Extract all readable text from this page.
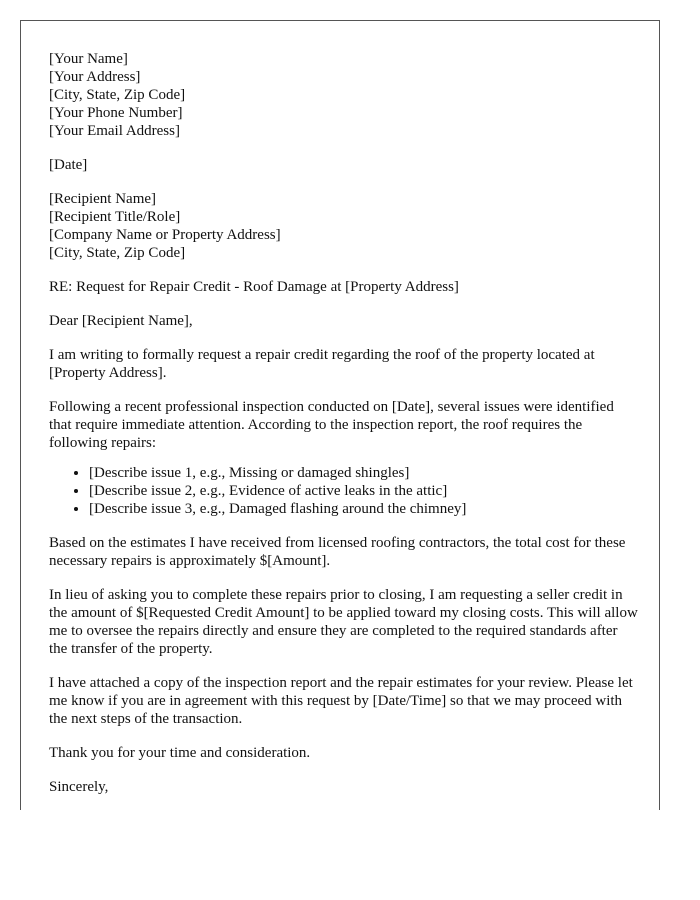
[Your Name]
[Your Address]
[City, State, Zip Code]
[Your Phone Number]
[Your Email Address]
[Date]
[Recipient Name]
[Recipient Title/Role]
[Company Name or Property Address]
[City, State, Zip Code]

RE: Request for Repair Credit - Roof Damage at [Property Address]

Dear [Recipient Name],

I am writing to formally request a repair credit regarding the roof of the property located at [Property Address].

Following a recent professional inspection conducted on [Date], several issues were identified that require immediate attention. According to the inspection report, the roof requires the following repairs:

• [Describe issue 1, e.g., Missing or damaged shingles]
• [Describe issue 2, e.g., Evidence of active leaks in the attic]
• [Describe issue 3, e.g., Damaged flashing around the chimney]

Based on the estimates I have received from licensed roofing contractors, the total cost for these necessary repairs is approximately $[Amount].

In lieu of asking you to complete these repairs prior to closing, I am requesting a seller credit in the amount of $[Requested Credit Amount] to be applied toward my closing costs. This will allow me to oversee the repairs directly and ensure they are completed to the required standards after the transfer of the property.

I have attached a copy of the inspection report and the repair estimates for your review. Please let me know if you are in agreement with this request by [Date/Time] so that we may proceed with the next steps of the transaction.

Thank you for your time and consideration.

Sincerely,
